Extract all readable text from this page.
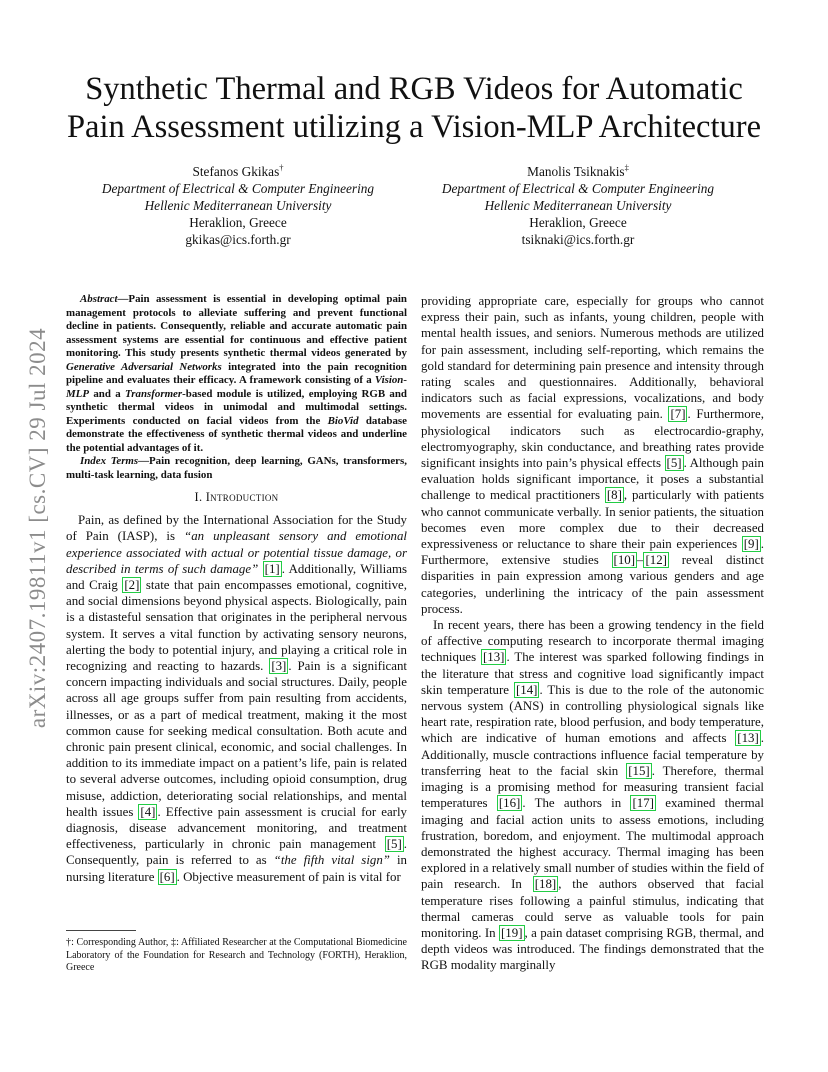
arXiv:2407.19811v1 [cs.CV] 29 Jul 2024
Synthetic Thermal and RGB Videos for Automatic
Pain Assessment utilizing a Vision-MLP Architecture
Stefanos Gkikas†
Department of Electrical & Computer Engineering
Hellenic Mediterranean University
Heraklion, Greece
gkikas@ics.forth.gr
Manolis Tsiknakis‡
Department of Electrical & Computer Engineering
Hellenic Mediterranean University
Heraklion, Greece
tsiknaki@ics.forth.gr

Abstract—Pain assessment is essential in developing optimal pain management protocols to alleviate suffering and prevent functional decline in patients. Consequently, reliable and accurate automatic pain assessment systems are essential for continuous and effective patient monitoring. This study presents synthetic thermal videos generated by Generative Adversarial Networks integrated into the pain recognition pipeline and evaluates their efficacy. A framework consisting of a Vision-MLP and a Transformer-based module is utilized, employing RGB and synthetic thermal videos in unimodal and multimodal settings. Experiments conducted on facial videos from the BioVid database demonstrate the effectiveness of synthetic thermal videos and underline the potential advantages of it.

Index Terms—Pain recognition, deep learning, GANs, transformers, multi-task learning, data fusion

I. Introduction

Pain, as defined by the International Association for the Study of Pain (IASP), is “an unpleasant sensory and emotional experience associated with actual or potential tissue damage, or described in terms of such damage” [1] . Additionally, Williams and Craig [2] state that pain encompasses emotional, cognitive, and social dimensions beyond physical aspects. Biologically, pain is a distasteful sensation that originates in the peripheral nervous system. It serves a vital function by activating sensory neurons, alerting the body to potential injury, and playing a critical role in recognizing and reacting to hazards. [3] . Pain is a significant concern impacting individuals and social structures. Daily, people across all age groups suffer from pain resulting from accidents, illnesses, or as a part of medical treatment, making it the most common cause for seeking medical consultation. Both acute and chronic pain present clinical, economic, and social challenges. In addition to its immediate impact on a patient’s life, pain is related to several adverse outcomes, including opioid consumption, drug misuse, addiction, deteriorating social relationships, and mental health issues [4] . Effective pain assessment is crucial for early diagnosis, disease advancement monitoring, and treatment effectiveness, particularly in chronic pain management [5] . Consequently, pain is referred to as “the fifth vital sign” in nursing literature [6] . Objective measurement of pain is vital for

†: Corresponding Author, ‡: Affiliated Researcher at the Computational Biomedicine Laboratory of the Foundation for Research and Technology (FORTH), Heraklion, Greece

providing appropriate care, especially for groups who cannot express their pain, such as infants, young children, people with mental health issues, and seniors. Numerous methods are utilized for pain assessment, including self-reporting, which remains the gold standard for determining pain presence and intensity through rating scales and questionnaires. Additionally, behavioral indicators such as facial expressions, vocalizations, and body movements are essential for evaluating pain. [7] . Furthermore, physiological indicators such as electrocardio-graphy, electromyography, skin conductance, and breathing rates provide significant insights into pain’s physical effects [5] . Although pain evaluation holds significant importance, it poses a substantial challenge to medical practitioners [8] , particularly with patients who cannot communicate verbally. In senior patients, the situation becomes even more complex due to their decreased expressiveness or reluctance to share their pain experiences [9] . Furthermore, extensive studies [10] – [12] reveal distinct disparities in pain expression among various genders and age categories, underlining the intricacy of the pain assessment process.

In recent years, there has been a growing tendency in the field of affective computing research to incorporate thermal imaging techniques [13] . The interest was sparked following findings in the literature that stress and cognitive load significantly impact skin temperature [14] . This is due to the role of the autonomic nervous system (ANS) in controlling physiological signals like heart rate, respiration rate, blood perfusion, and body temperature, which are indicative of human emotions and affects [13] . Additionally, muscle contractions influence facial temperature by transferring heat to the facial skin [15] . Therefore, thermal imaging is a promising method for measuring transient facial temperatures [16] . The authors in [17] examined thermal imaging and facial action units to assess emotions, including frustration, boredom, and enjoyment. The multimodal approach demonstrated the highest accuracy. Thermal imaging has been explored in a relatively small number of studies within the field of pain research. In [18] , the authors observed that facial temperature rises following a painful stimulus, indicating that thermal cameras could serve as valuable tools for pain monitoring. In [19] , a pain dataset comprising RGB, thermal, and depth videos was introduced. The findings demonstrated that the RGB modality marginally
